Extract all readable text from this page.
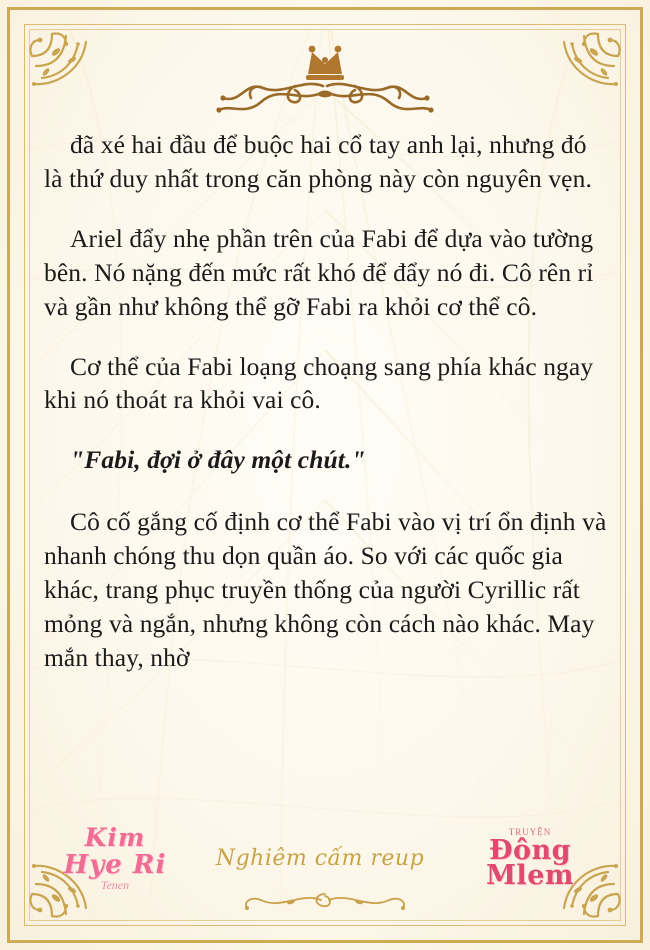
đã xé hai đầu để buộc hai cổ tay anh lại, nhưng đó là thứ duy nhất trong căn phòng này còn nguyên vẹn.

Ariel đẩy nhẹ phần trên của Fabi để dựa vào tường bên. Nó nặng đến mức rất khó để đẩy nó đi. Cô rên rỉ và gần như không thể gỡ Fabi ra khỏi cơ thể cô.

Cơ thể của Fabi loạng choạng sang phía khác ngay khi nó thoát ra khỏi vai cô.

"Fabi, đợi ở đây một chút."

Cô cố gắng cố định cơ thể Fabi vào vị trí ổn định và nhanh chóng thu dọn quần áo. So với các quốc gia khác, trang phục truyền thống của người Cyrillic rất mỏng và ngắn, nhưng không còn cách nào khác. May mắn thay, nhờ

Kim
Hye Ri
Tenen
Nghiêm cấm reup
TRUYỆN
Đông
Mlem
